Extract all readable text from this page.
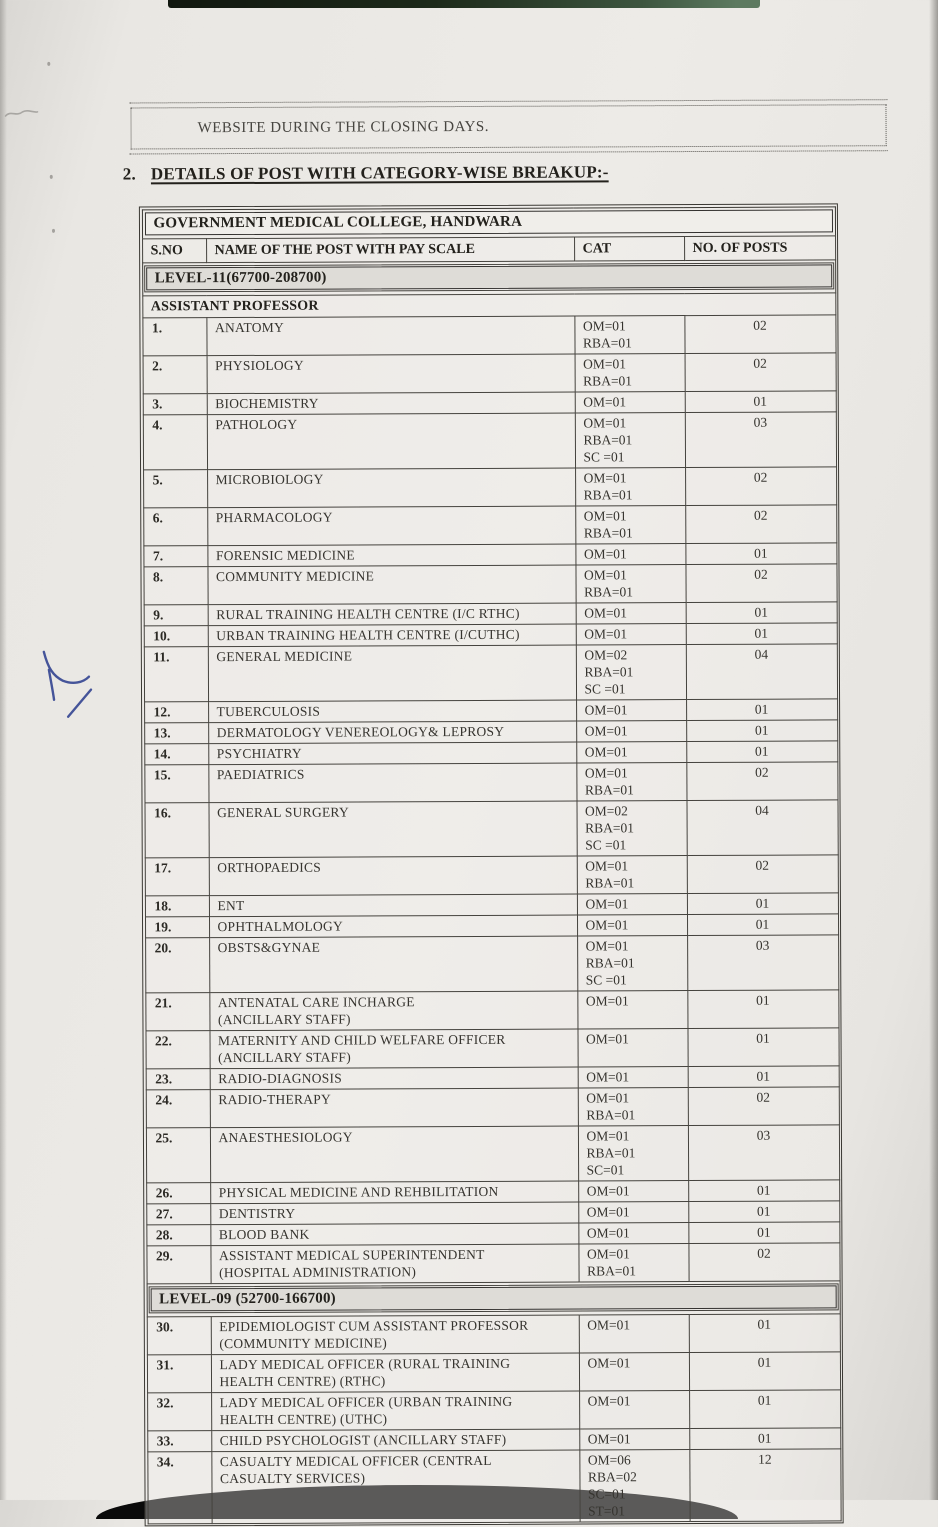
WEBSITE DURING THE CLOSING DAYS.
2. DETAILS OF POST WITH CATEGORY-WISE BREAKUP:-
GOVERNMENT MEDICAL COLLEGE, HANDWARA			

S.NO	NAME OF THE POST WITH PAY SCALE	CAT	NO. OF POSTS

LEVEL-11(67700-208700)			

ASSISTANT PROFESSOR			
1.	ANATOMY	OM=01
RBA=01	02
2.	PHYSIOLOGY	OM=01
RBA=01	02
3.	BIOCHEMISTRY	OM=01	01
4.	PATHOLOGY	OM=01
RBA=01
SC =01	03
5.	MICROBIOLOGY	OM=01
RBA=01	02
6.	PHARMACOLOGY	OM=01
RBA=01	02
7.	FORENSIC MEDICINE	OM=01	01
8.	COMMUNITY MEDICINE	OM=01
RBA=01	02
9.	RURAL TRAINING HEALTH CENTRE (I/C RTHC)	OM=01	01
10.	URBAN TRAINING HEALTH CENTRE (I/CUTHC)	OM=01	01
11.	GENERAL MEDICINE	OM=02
RBA=01
SC =01	04
12.	TUBERCULOSIS	OM=01	01
13.	DERMATOLOGY VENEREOLOGY& LEPROSY	OM=01	01
14.	PSYCHIATRY	OM=01	01
15.	PAEDIATRICS	OM=01
RBA=01	02
16.	GENERAL SURGERY	OM=02
RBA=01
SC =01	04
17.	ORTHOPAEDICS	OM=01
RBA=01	02
18.	ENT	OM=01	01
19.	OPHTHALMOLOGY	OM=01	01
20.	OBSTS&GYNAE	OM=01
RBA=01
SC =01	03
21.	ANTENATAL CARE INCHARGE
(ANCILLARY STAFF)	OM=01	01
22.	MATERNITY AND CHILD WELFARE OFFICER
(ANCILLARY STAFF)	OM=01	01
23.	RADIO-DIAGNOSIS	OM=01	01
24.	RADIO-THERAPY	OM=01
RBA=01	02
25.	ANAESTHESIOLOGY	OM=01
RBA=01
SC=01	03
26.	PHYSICAL MEDICINE AND REHBILITATION	OM=01	01
27.	DENTISTRY	OM=01	01
28.	BLOOD BANK	OM=01	01
29.	ASSISTANT MEDICAL SUPERINTENDENT
(HOSPITAL ADMINISTRATION)	OM=01
RBA=01	02

LEVEL-09 (52700-166700)			

30.	EPIDEMIOLOGIST CUM ASSISTANT PROFESSOR
(COMMUNITY MEDICINE)	OM=01	01
31.	LADY MEDICAL OFFICER (RURAL TRAINING
HEALTH CENTRE) (RTHC)	OM=01	01
32.	LADY MEDICAL OFFICER (URBAN TRAINING
HEALTH CENTRE) (UTHC)	OM=01	01
33.	CHILD PSYCHOLOGIST (ANCILLARY STAFF)	OM=01	01
34.	CASUALTY MEDICAL OFFICER (CENTRAL
CASUALTY SERVICES)	OM=06
RBA=02
SC=01
ST=01	12
